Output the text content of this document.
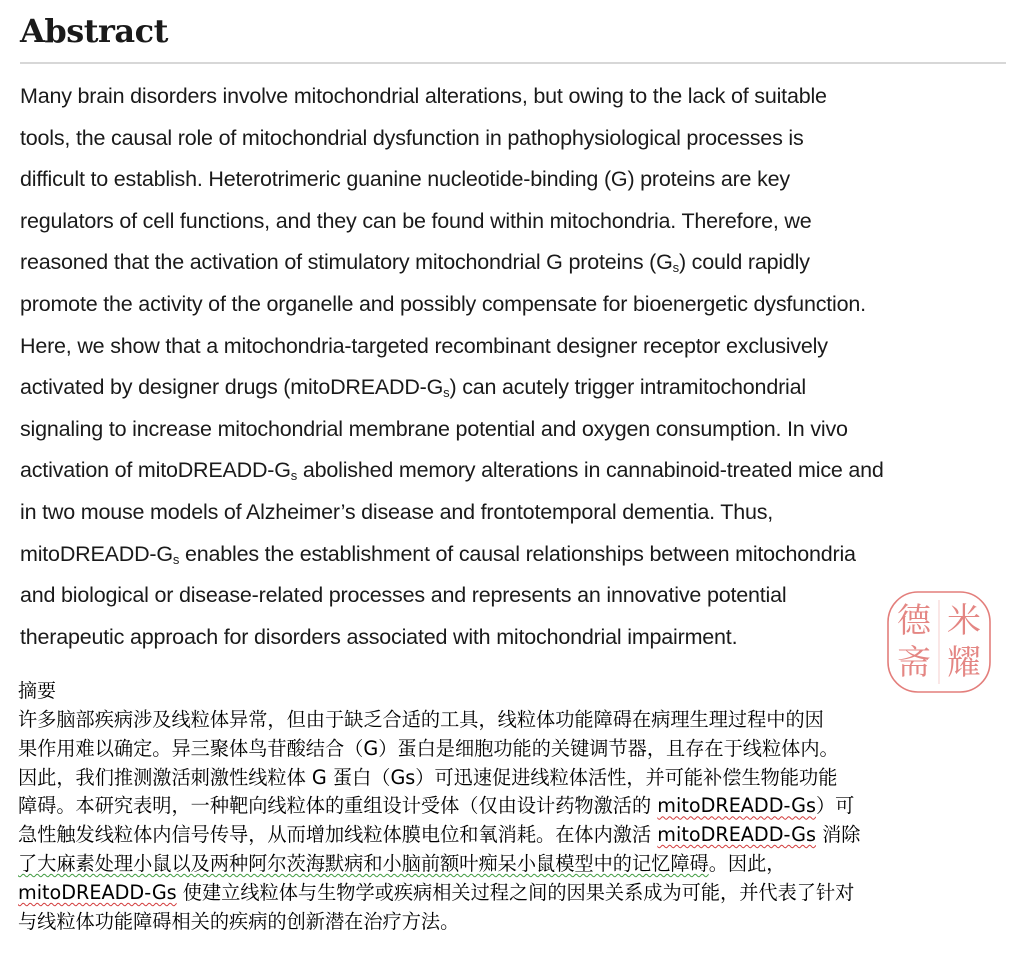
Abstract
Many brain disorders involve mitochondrial alterations, but owing to the lack of suitable
tools, the causal role of mitochondrial dysfunction in pathophysiological processes is
difficult to establish. Heterotrimeric guanine nucleotide-binding (G) proteins are key
regulators of cell functions, and they can be found within mitochondria. Therefore, we
reasoned that the activation of stimulatory mitochondrial G proteins $(G_s)$ could rapidly
promote the activity of the organelle and possibly compensate for bioenergetic dysfunction.
Here, we show that a mitochondria-targeted recombinant designer receptor exclusively
activated by designer drugs $(mitoDREADD-G_s)$ can acutely trigger intramitochondrial
signaling to increase mitochondrial membrane potential and oxygen consumption. In vivo
activation of mitoDREADD-$G_s$ abolished memory alterations in cannabinoid-treated mice and
in two mouse models of Alzheimer’s disease and frontotemporal dementia. Thus,
mitoDREADD-$G_s$ enables the establishment of causal relationships between mitochondria
and biological or disease-related processes and represents an innovative potential
therapeutic approach for disorders associated with mitochondrial impairment.	米
耀
德
斋
摘要
许多脑部疾病涉及线粒体异常，但由于缺乏合适的工具，线粒体功能障碍在病理生理过程中的因
果作用难以确定。异三聚体鸟苷酸结合（G）蛋白是细胞功能的关键调节器，且存在于线粒体内。
因此，我们推测激活刺激性线粒体 G 蛋白（Gs）可迅速促进线粒体活性，并可能补偿生物能功能
障碍。本研究表明，一种靶向线粒体的重组设计受体（仅由设计药物激活的 mitoDREADD-Gs）可
急性触发线粒体内信号传导，从而增加线粒体膜电位和氧消耗。在体内激活 mitoDREADD-Gs 消除
了大麻素处理小鼠以及两种阿尔茨海默病和小脑前额叶痴呆小鼠模型中的记忆障碍。因此，
mitoDREADD-Gs 使建立线粒体与生物学或疾病相关过程之间的因果关系成为可能，并代表了针对
与线粒体功能障碍相关的疾病的创新潜在治疗方法。
